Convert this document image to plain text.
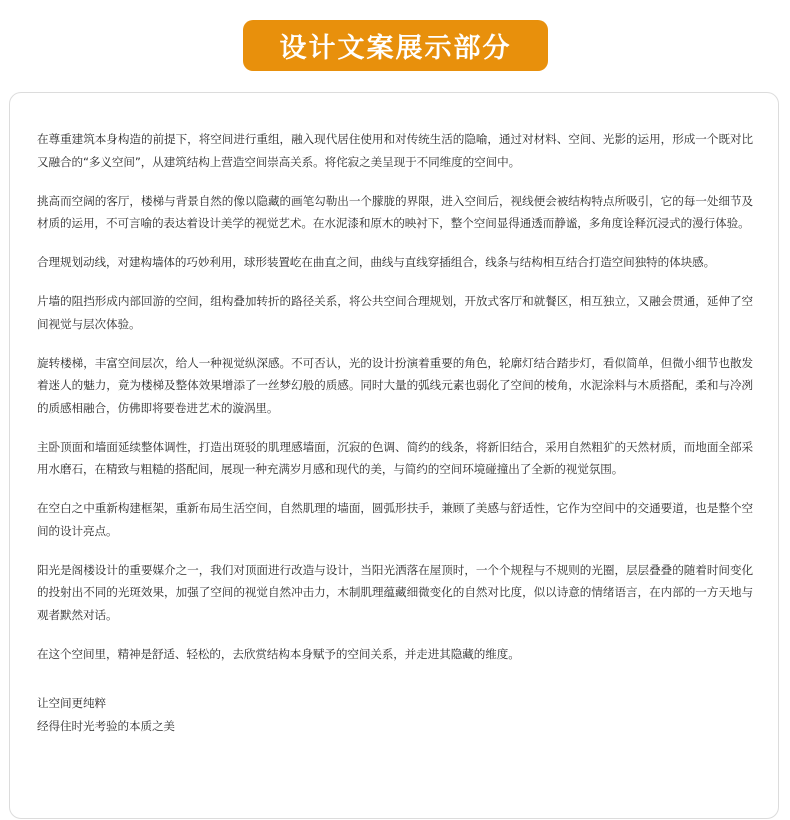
设计文案展示部分

在尊重建筑本身构造的前提下，将空间进行重组，融入现代居住使用和对传统生活的隐喻，通过对材料、空间、光影的运用，形成一个既对比又融合的“多义空间”，从建筑结构上营造空间崇高关系。将侘寂之美呈现于不同维度的空间中。

挑高而空阔的客厅，楼梯与背景自然的像以隐藏的画笔勾勒出一个朦胧的界限，进入空间后，视线便会被结构特点所吸引，它的每一处细节及材质的运用，不可言喻的表达着设计美学的视觉艺术。在水泥漆和原木的映衬下，整个空间显得通透而静谧，多角度诠释沉浸式的漫行体验。

合理规划动线，对建构墙体的巧妙利用，球形装置屹在曲直之间，曲线与直线穿插组合，线条与结构相互结合打造空间独特的体块感。

片墙的阻挡形成内部回游的空间，组构叠加转折的路径关系，将公共空间合理规划，开放式客厅和就餐区，相互独立，又融会贯通，延伸了空间视觉与层次体验。

旋转楼梯，丰富空间层次，给人一种视觉纵深感。不可否认，光的设计扮演着重要的角色，轮廓灯结合踏步灯，看似简单，但微小细节也散发着迷人的魅力，竟为楼梯及整体效果增添了一丝梦幻般的质感。同时大量的弧线元素也弱化了空间的棱角，水泥涂料与木质搭配，柔和与冷冽的质感相融合，仿佛即将要卷进艺术的漩涡里。

主卧顶面和墙面延续整体调性，打造出斑驳的肌理感墙面，沉寂的色调、简约的线条，将新旧结合，采用自然粗犷的天然材质，而地面全部采用水磨石，在精致与粗糙的搭配间，展现一种充满岁月感和现代的美，与简约的空间环境碰撞出了全新的视觉氛围。

在空白之中重新构建框架，重新布局生活空间，自然肌理的墙面，圆弧形扶手，兼顾了美感与舒适性，它作为空间中的交通要道，也是整个空间的设计亮点。

阳光是阁楼设计的重要媒介之一，我们对顶面进行改造与设计，当阳光洒落在屋顶时，一个个规程与不规则的光圈，层层叠叠的随着时间变化的投射出不同的光斑效果，加强了空间的视觉自然冲击力，木制肌理蕴藏细微变化的自然对比度，似以诗意的情绪语言，在内部的一方天地与观者默然对话。

在这个空间里，精神是舒适、轻松的，去欣赏结构本身赋予的空间关系，并走进其隐藏的维度。

让空间更纯粹

经得住时光考验的本质之美
